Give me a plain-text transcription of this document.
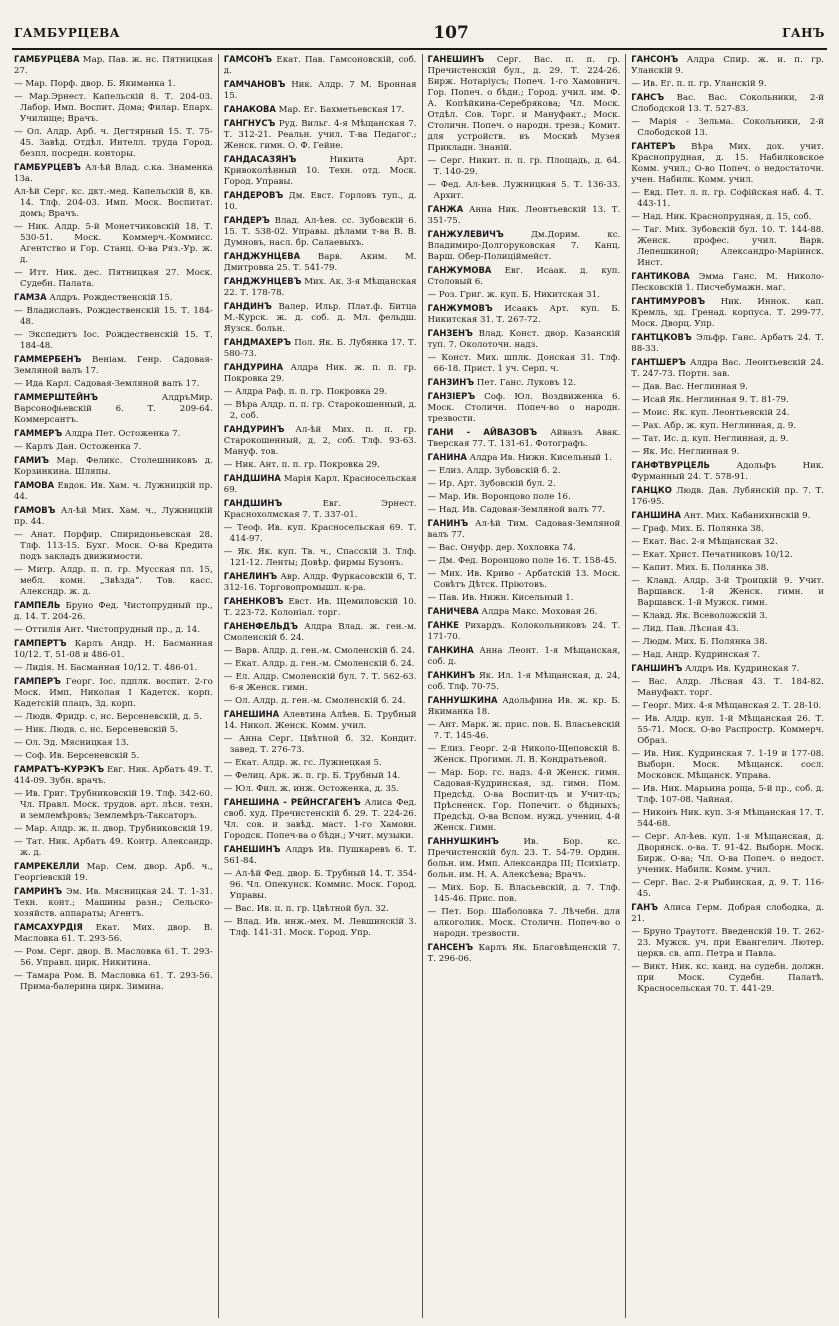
ГАМБУРЦЕВА	107	ГАНЪ

ГАМБУРЦЕВА Мар. Пав. ж. нс. Пятницкая 27.

— Мар. Порф. двор. Б. Якиманка 1.

— Мар.Эрнест. Капельскій 8. Т. 204-03. Лабор. Имп. Воспит. Дома; Филар. Епарх. Училище; Врачъ.

— Ол. Алдр. Арб. ч. Дегтярный 15. Т. 75-45. Завѣд. Отдѣл. Интелл. труда Город. безпл. посредн. конторы.

ГАМБУРЦЕВЪ Ал-ѣй Влад. с.ка. Знаменка 13а.

Ал-ѣй Серг. кс. дкт.-мед. Капельскій 8, кв. 14. Тлф. 204-03. Имп. Моск. Воспитат. домъ; Врачъ.

— Ник. Алдр. 5-й Монетчиковскій 18. Т. 530-51. Моск. Коммерч.-Коммисс. Агентство и Гор. Станц. О-ва Ряз.-Ур. ж. д.

— Итт. Ник. дес. Пятницкая 27. Моск. Судебн. Палата.

ГАМЗА Алдръ. Рождественскій 15.

— Владиславъ. Рождественскій 15. Т. 184-48.

— Экспедитъ Іос. Рождественскій 15. Т. 184-48.

ГАММЕРБЕНЪ Веніам. Генр. Садовая-Земляной валъ 17.

— Ида Карл. Садовая-Земляной валъ 17.

ГАММЕРШТЕЙНЪ	АлдръМир. Варсонофьевскій 6. Т. 209-64. Коммерсантъ.

ГАММЕРЪ Алдра Пет. Остоженка 7.

— Карлъ Дан. Остоженка 7.

ГАМИЪ Мар. Феликс. Столешниковъ д. Корзинкина. Шляпы.

ГАМОВА Евдок. Ив. Хам. ч. Лужницкій пр. 44.

ГАМОВЪ Ал-ѣй Мих. Хам. ч., Лужницкій пр. 44.

— Анат. Порфир. Спиридоньевская 28. Тлф. 113-15. Бухг. Моск. О-ва Кредита подъ закладъ движимости.

— Митр. Алдр. п. п. гр. Мусская пл. 15, мебл. комн. „Звѣзда“. Тов. касс. Алексндр. ж. д.

ГАМПЕЛЬ Бруно Фед. Чистопрудный пр., д. 14. Т. 204-26.

— Оттилія Ант. Чистопрудный пр., д. 14.

ГАМПЕРТЪ Карлъ Андр. Н. Басманная 10/12. Т. 51-08 и 486-01.

— Лидія. Н. Басманная 10/12. Т. 486-01.

ГАМПЕРЪ Георг. Іос. пдплк. воспит. 2-го Моск. Имп. Николая I Кадетск. корп. Кадетскій плацъ, Зд. корп.

— Людв. Фридр. с. нс. Берсеневскій, д. 5.

— Ник. Людв. с. нс. Берсеневскій 5.

— Ол. Эд. Мясницкая 13.

— Соф. Ив. Берсеневскій 5.

ГАМРАТЪ-КУРЭКЪ Евг. Ник. Арбатъ 49. Т. 414-09. Зубн. врачъ.

— Ив. Григ. Трубниковскій 19. Тлф. 342-60. Чл. Правл. Моск. трудов. арт. лѣсн. техн. и землемѣровъ; Землемѣръ-Таксаторъ.

— Мар. Алдр. ж. п. двор. Трубниковскій 19.

— Тат. Ник. Арбатъ 49. Контр. Александр. ж. д.

ГАМРЕКЕЛЛИ Мар. Сем. двор. Арб. ч., Георгіевскій 19.

ГАМРИНЪ Эм. Ив. Мясницкая 24. Т. 1-31. Техн. конт.; Машины разн.; Сельско-хозяйств. аппараты; Агентъ.

ГАМСАХУРДІЯ Екат. Мих. двор. В. Масловка 61. Т. 293-56.

— Ром. Серг. двор. В. Масловка 61. Т. 293-56. Управл. цирк. Никитина.

— Тамара Ром. В. Масловка 61. Т. 293-56. Прима-балерина цирк. Зимина.

ГАМСОНЪ Екат. Пав. Гамсоновскій, соб. д.

ГАМЧАНОВЪ Ник. Алдр. 7 М. Бронная 15.

ГАНАКОВА Мар. Ег. Бахметьевская 17.

ГАНГНУСЪ Руд. Вильг. 4-я Мѣщанская 7. Т. 312-21. Реальн. учил. Т-ва Педагог.; Женск. гимн. О. Ф. Гейне.

ГАНДАСАЗЯНЪ	Никита Арт. Кривоколѣнный 10. Техн. отд. Моск. Город. Управы.

ГАНДЕРОВЪ Дм. Евст. Горловъ туп., д. 10.

ГАНДЕРЪ Влад. Ал-ѣев. сс. Зубовскій 6. 15. Т. 538-02. Управы. дѣлами т-ва В. В. Думновъ, насл. бр. Салаевыхъ.

ГАНДЖУНЦЕВА Варв. Аким. М. Дмитровка 25. Т. 541-79.

ГАНДЖУНЦЕВЪ Мих. Ак. 3-я Мѣщанская 22. Т. 178-78.

ГАНДИНЪ Валер. Ильр. Плат.ф. Битца М.-Курск. ж. д. соб. д. Мл. фельдш. Яузск. больн.

ГАНДМАХЕРЪ Пол. Як. Б. Лубянка 17. Т. 580-73.

ГАНДУРИНА Алдра Ник. ж. п. п. гр. Покровка 29.

— Алдра Раф. п. п. гр. Покровка 29.

— Вѣра Алдр. п. п. гр. Старокошенный, д. 2, соб.

ГАНДУРИНЪ Ал-ѣй Мих. п. п. гр. Старокошенный, д. 2, соб. Тлф. 93-63. Мануф. тов.

— Ник. Ант. п. п. гр. Покровка 29.

ГАНДШИНА Марія Карл. Красносельская 69.

ГАНДШИНЪ	Евг. Эрнест. Краснохолмская 7. Т. 337-01.

— Теоф. Ив. куп. Красносельская 69. Т. 414-97.

— Як. Як. куп. Тв. ч., Спасскій 3. Тлф. 121-12. Ленты; Довѣр. фирмы Бузонъ.

ГАНЕЛИНЪ Авр. Алдр. Фуркасовскій 6, Т. 312-16. Торговопромышл. к-ра.

ГАНЕНКОВЪ Евст. Ив. Щемиловскій 10. Т. 223-72. Колоніал. торг.

ГАНЕНФЕЛЬДЪ Алдра Влад. ж. ген.-м. Смоленскій б. 24.

— Варв. Алдр. д. ген.-м. Смоленскій б. 24.

— Екат. Алдр. д. ген.-м. Смоленскій б. 24.

— Ел. Алдр. Смоленскій бул. 7. Т. 562-63. 6-я Женск. гимн.

— Ол. Алдр. д. ген.-м. Смоленскій б. 24.

ГАНЕШИНА Алевтина Алѣев. Б. Трубный 14. Никол. Женск. Комм. учил.

— Анна Серг. Цвѣтной б. 32. Кондит. завед. Т. 276-73.

— Екат. Алдр. ж. гс. Лужнецкая 5.

— Фелиц. Арк. ж. п. гр. Б. Трубный 14.

— Юл. Фил. ж. инж. Остоженка, д. 35.

ГАНЕШИНА - РЕЙНСГАГЕНЪ Алиса Фед. своб. худ. Пречистенскій б. 29. Т. 224-26. Чл. сов. и завѣд. маст. 1-го Хамовн. Городск. Попеч-ва о бѣдн.; Учит. музыки.

ГАНЕШИНЪ Алдръ Ив. Пушкаревъ 6. Т. 561-84.

— Ал-ѣй Фед. двор. Б. Трубный 14. Т. 354-96. Чл. Опекунск. Коммис. Моск. Город. Управы.

— Вас. Ив. п. п. гр. Цвѣтной бул. 32.

— Влад. Ив. инж.-мех. М. Левшинскій 3. Тлф. 141-31. Моск. Город. Упр.

ГАНЕШИНЪ Серг. Вас. п. п. гр. Пречистенскій бул., д. 29. Т. 224-26. Бирж. Нотаріусъ; Попеч. 1-го Хамовнич. Гор. Попеч. о бѣдн.; Город. учил. им. Ф. А. Копѣйкина-Серебрякова; Чл. Моск. Отдѣл. Сов. Торг. и Мануфакт.; Моск. Столичн. Попеч. о народн. трезв.; Комит. для устройств. въ Москвѣ Музея Прикладн. Знаній.

— Серг. Никит. п. п. гр. Площадь, д. 64. Т. 140-29.

— Фед. Ал-ѣев. Лужницкая 5. Т. 136-33. Архит.

ГАНЖА Анна Ник. Леонтьевскій 13. Т. 351-75.

ГАНЖУЛЕВИЧЪ	Дм.Дорим. кс. Владимиро-Долгоруковская 7. Канц. Варш. Обер-Полиціймейст.

ГАНЖУМОВА Евг. Исаак. д. куп. Столовый 6.

— Роз. Григ. ж. куп. Б. Никитская 31.

ГАНЖУМОВЪ Исаакъ Арт. куп. Б. Никитская 31. Т. 267-72.

ГАНЗЕНЪ Влад. Конст. двор. Казанскій туп. 7. Околоточн. надз.

— Конст. Мих. шплк. Донская 31. Тлф. 66-18. Прист. 1 уч. Серп. ч.

ГАНЗИНЪ Пет. Ганс. Луковъ 12.

ГАНЗІЕРЪ Соф. Юл. Воздвиженка 6. Моск. Столичн. Попеч-во о народн. трезвости.

ГАНИ - АЙВАЗОВЪ Айвазъ Авак. Тверская 77. Т. 131-61. Фотографъ.

ГАНИНА Алдра Ив. Нижн. Кисельный 1.

— Елиз. Алдр. Зубовскій б. 2.

— Ир. Арт. Зубовскій бул. 2.

— Мар. Ив. Воронцово поле 16.

— Над. Ив. Садовая-Земляной валъ 77.

ГАНИНЪ Ал-ѣй Тим. Садовая-Земляной валъ 77.

— Вас. Онуфр. дер. Хохловка 74.

— Дм. Фед. Воронцово поле 16. Т. 158-45.

— Мих. Ив. Криво - Арбатскій 13. Моск. Совѣтъ Дѣтск. Пріютовъ.

— Пав. Ив. Нижн. Кисельный 1.

ГАНИЧЕВА Алдра Макс. Моховая 26.

ГАНКЕ Рихардъ. Колокольниковъ 24. Т. 171-70.

ГАНКИНА Анна Леонт. 1-я Мѣщанская, соб. д.

ГАНКИНЪ Як. Ил. 1-я Мѣщанская, д. 24, соб. Тлф. 70-75.

ГАННУШКИНА Адольфина Ив. ж. кр. Б. Якиманка 18.

— Ант. Марк. ж. прис. пов. Б. Власьевскій 7. Т. 145-46.

— Елиз. Георг. 2-й Николо-Щеповскій 8. Женск. Прогимн. Л. В. Кондратьевой.

— Мар. Бор. гс. надз. 4-й Женск. гимн. Садовая-Кудринская, зд. гимн. Пом. Предсѣд. О-ва Воспит-цъ и Учит-цъ; Прѣсненск. Гор. Попечит. о бѣдныхъ; Предсѣд. О-ва Вспом. нужд. учениц. 4-й Женск. Гимн.

ГАННУШКИНЪ	Ив. Бор. кс. Пречистенскій бул. 23. Т. 54-79. Ордин. больн. им. Имп. Александра III; Психіатр. больн. им. Н. А. Алексѣева; Врачъ.

— Мих. Бор. Б. Власьевскій, д. 7. Тлф. 145-46. Прис. пов.

— Пет. Бор. Шаболовка 7. Лѣчебн. для алкоголик. Моск. Столичн. Попеч-во о народн. трезвости.

ГАНСЕНЪ Карлъ Як. Благовѣщенскій 7. Т. 296-06.

ГАНСОНЪ Алдра Спир. ж. и. п. гр. Уланскій 9.

— Ив. Ег. п. п. гр. Уланскій 9.

ГАНСЪ Вас. Вас. Сокольники, 2-й Слободской 13. Т. 527-83.

— Марія - Зельма. Сокольники, 2-й Слободской 13.

ГАНТЕРЪ Вѣра Мих. дох. учит. Краснопрудная, д. 15. Набилковское Комм. учил.; О-во Попеч. о недостаточн. учен. Набилк. Комм. учил.

— Евд. Пет. л. п. гр. Софійская наб. 4. Т. 443-11.

— Над. Ник. Краснопрудная, д. 15, соб.

— Таг. Мих. Зубовскій бул. 10. Т. 144-88. Женск. профес. учил. Варв. Лепешкиной; Александро-Маріинск. Инст.

ГАНТИКОВА Эмма Ганс. М. Николо-Песковскій 1. Писчебумажн. маг.

ГАНТИМУРОВЪ Ник. Иннок. кап. Кремль, зд. Гренад. корпуса. Т. 299-77. Моск. Дворц. Упр.

ГАНТЦКОВЪ Эльфр. Ганс. Арбатъ 24. Т. 88-33.

ГАНТШЕРЪ Алдра Вас. Леонтьевскій 24. Т. 247-73. Портн. зав.

— Дав. Вас. Неглинная 9.

— Исай Як. Неглинная 9. Т. 81-79.

— Моис. Як. куп. Леонтьевскій 24.

— Рах. Абр. ж. куп. Неглинная, д. 9.

— Тат. Ис. д. куп. Неглинная, д. 9.

— Як. Ис. Неглинная 9.

ГАНФТВУРЦЕЛЬ	Адольфъ Ник. Фурманный 24. Т. 578-91.

ГАНЦКО Людв. Дав. Лубянскій пр. 7. Т. 176-95.

ГАНШИНА Ант. Мих. Кабанихинскій 9.

— Граф. Мих. Б. Полянка 38.

— Екат. Вас. 2-я Мѣщанская 32.

— Екат. Христ. Печатниковъ 10/12.

— Капит. Мих. Б. Полянка 38.

— Клавд. Алдр. 3-й Троицкій 9. Учит. Варшавск. 1-й Женск. гимн. и Варшавск. 1-й Мужск. гимн.

— Клавд. Як. Всеволожскій 3.

— Лид. Пав. Лѣсная 43.

— Людм. Мих. Б. Полянка 38.

— Над. Андр. Кудринская 7.

ГАНШИНЪ Алдръ Ив. Кудринская 7.

— Вас. Алдр. Лѣсная 43. Т. 184-82. Мануфакт. торг.

— Георг. Мих. 4-я Мѣщанская 2. Т. 28-10.

— Ив. Алдр. куп. 1-й Мѣщанская 26. Т. 55-71. Моск. О-во Распростр. Коммерч. Образ.

— Ив. Ник. Кудринская 7. 1-19 и 177-08. Выборн. Моск. Мѣщанск. сосл. Московск. Мѣщанск. Управа.

— Ив. Ник. Марьина роща, 5-й пр., соб. д. Тлф. 107-08. Чайная.

— Никонъ Ник. куп. 3-я Мѣщанская 17. Т. 544-68.

— Серг. Ал-ѣев. куп. 1-я Мѣщанская, д. Дворянск. о-ва. Т. 91-42. Выборн. Моск. Бирж. О-ва; Чл. О-ва Попеч. о недост. ученик. Набилк. Комм. учил.

— Серг. Вас. 2-я Рыбинская, д. 9. Т. 116-45.

ГАНЪ Алиса Герм. Добрая слободка, д. 21.

— Бруно Траутотт. Введенскій 19. Т. 262-23. Мужск. уч. при Евангелич. Лютер. церкв. св. апп. Петра и Павла.

— Викт. Ник. кс. канд. на судебн. должн. при Моск. Судебн. Палатѣ. Красносельская 70. Т. 441-29.
